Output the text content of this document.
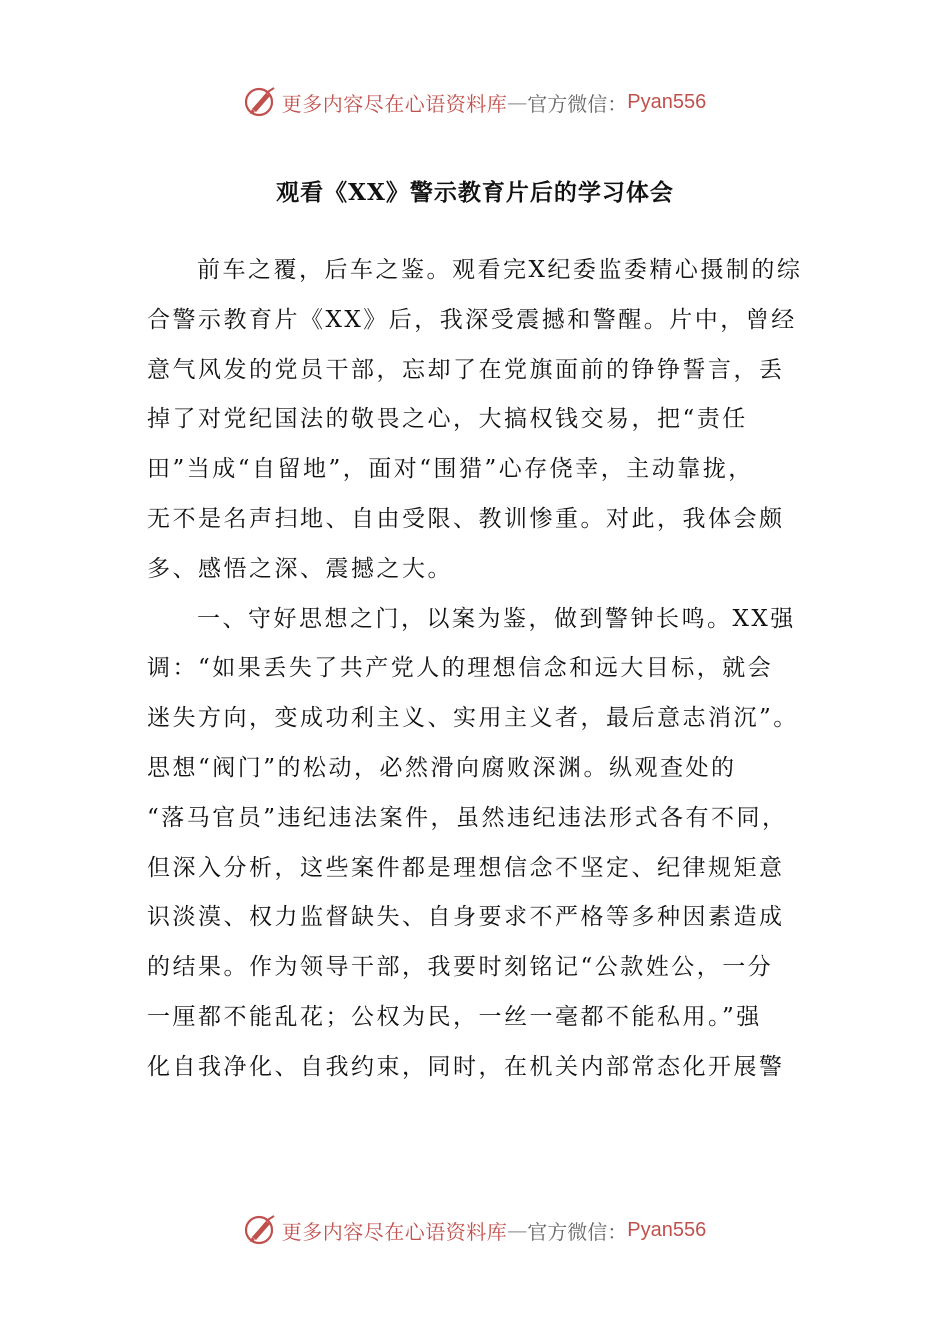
更多内容尽在心语资料库 — 官方微信： Pyan556
观看《XX》警示教育片后的学习体会
前车之覆，后车之鉴。观看完X纪委监委精心摄制的综
合警示教育片《XX》后，我深受震撼和警醒。片中，曾经
意气风发的党员干部，忘却了在党旗面前的铮铮誓言，丢
掉了对党纪国法的敬畏之心，大搞权钱交易，把“责任
田”当成“自留地”，面对“围猎”心存侥幸，主动靠拢，
无不是名声扫地、自由受限、教训惨重。对此，我体会颇
多、感悟之深、震撼之大。
一、守好思想之门，以案为鉴，做到警钟长鸣。XX强
调：“如果丢失了共产党人的理想信念和远大目标，就会
迷失方向，变成功利主义、实用主义者，最后意志消沉”。
思想“阀门”的松动，必然滑向腐败深渊。纵观查处的
“落马官员”违纪违法案件，虽然违纪违法形式各有不同，
但深入分析，这些案件都是理想信念不坚定、纪律规矩意
识淡漠、权力监督缺失、自身要求不严格等多种因素造成
的结果。作为领导干部，我要时刻铭记“公款姓公，一分
一厘都不能乱花；公权为民，一丝一毫都不能私用。”强
化自我净化、自我约束，同时，在机关内部常态化开展警
更多内容尽在心语资料库 — 官方微信： Pyan556
